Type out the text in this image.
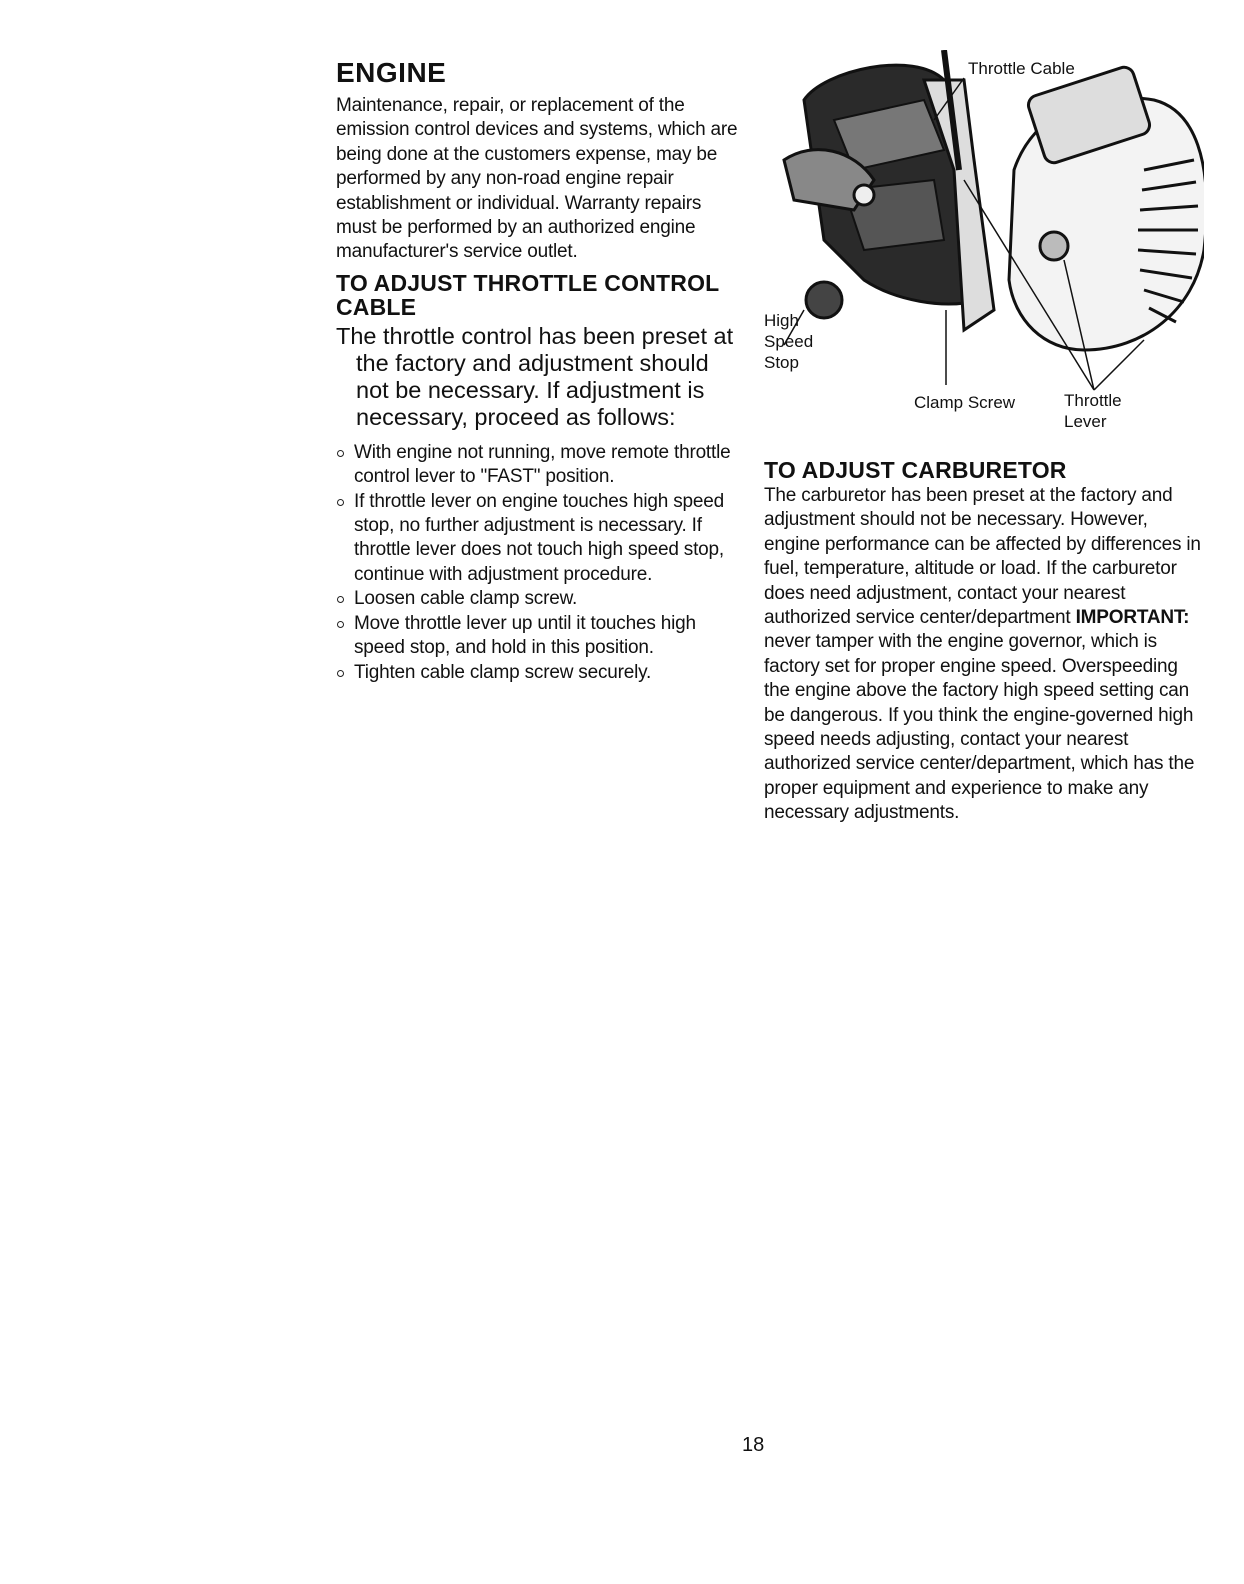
ENGINE

Maintenance, repair, or replacement of the emission control devices and systems, which are being done at the customers expense, may be performed by any non-road engine repair establishment or individual. Warranty repairs must be performed by an authorized engine manufacturer's service outlet.

TO ADJUST THROTTLE CONTROL CABLE

The throttle control has been preset at the factory and adjustment should not be necessary. If adjustment is necessary, proceed as follows:

With engine not running, move remote throttle control lever to "FAST" position.
If throttle lever on engine touches high speed stop, no further adjustment is necessary. If throttle lever does not touch high speed stop, continue with adjustment procedure.
Loosen cable clamp screw.
Move throttle lever up until it touches high speed stop, and hold in this position.
Tighten cable clamp screw securely.
Throttle Cable
High Speed Stop
Clamp Screw	Throttle Lever
TO ADJUST CARBURETOR

The carburetor has been preset at the factory and adjustment should not be necessary. However, engine performance can be affected by differences in fuel, temperature, altitude or load. If the carburetor does need adjustment, contact your nearest authorized service center/department IMPORTANT: never tamper with the engine governor, which is factory set for proper engine speed. Overspeeding the engine above the factory high speed setting can be dangerous. If you think the engine-governed high speed needs adjusting, contact your nearest authorized service center/department, which has the proper equipment and experience to make any necessary adjustments.

18
